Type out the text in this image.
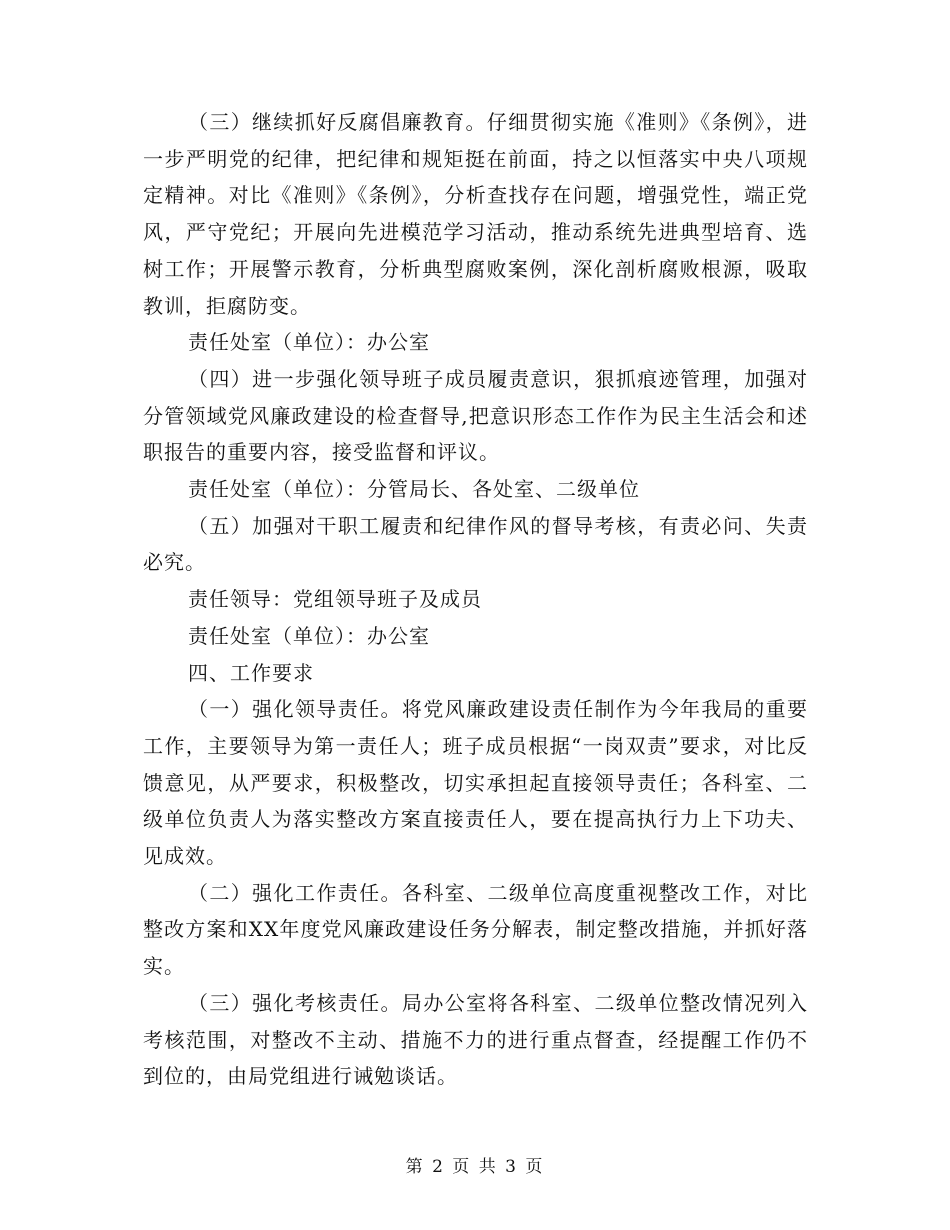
（三）继续抓好反腐倡廉教育。仔细贯彻实施《准则》《条例》，进一步严明党的纪律，把纪律和规矩挺在前面，持之以恒落实中央八项规定精神。对比《准则》《条例》，分析查找存在问题，增强党性，端正党风，严守党纪；开展向先进模范学习活动，推动系统先进典型培育、选树工作；开展警示教育，分析典型腐败案例，深化剖析腐败根源，吸取教训，拒腐防变。

责任处室（单位）：办公室

（四）进一步强化领导班子成员履责意识，狠抓痕迹管理，加强对分管领域党风廉政建设的检查督导,把意识形态工作作为民主生活会和述职报告的重要内容，接受监督和评议。

责任处室（单位）：分管局长、各处室、二级单位

（五）加强对干职工履责和纪律作风的督导考核，有责必问、失责必究。

责任领导：党组领导班子及成员

责任处室（单位）：办公室

四、工作要求

（一）强化领导责任。将党风廉政建设责任制作为今年我局的重要工作，主要领导为第一责任人；班子成员根据“一岗双责”要求，对比反馈意见，从严要求，积极整改，切实承担起直接领导责任；各科室、二级单位负责人为落实整改方案直接责任人，要在提高执行力上下功夫、见成效。

（二）强化工作责任。各科室、二级单位高度重视整改工作，对比整改方案和XX年度党风廉政建设任务分解表，制定整改措施，并抓好落实。

（三）强化考核责任。局办公室将各科室、二级单位整改情况列入考核范围，对整改不主动、措施不力的进行重点督查，经提醒工作仍不到位的，由局党组进行诫勉谈话。

第 2 页 共 3 页
